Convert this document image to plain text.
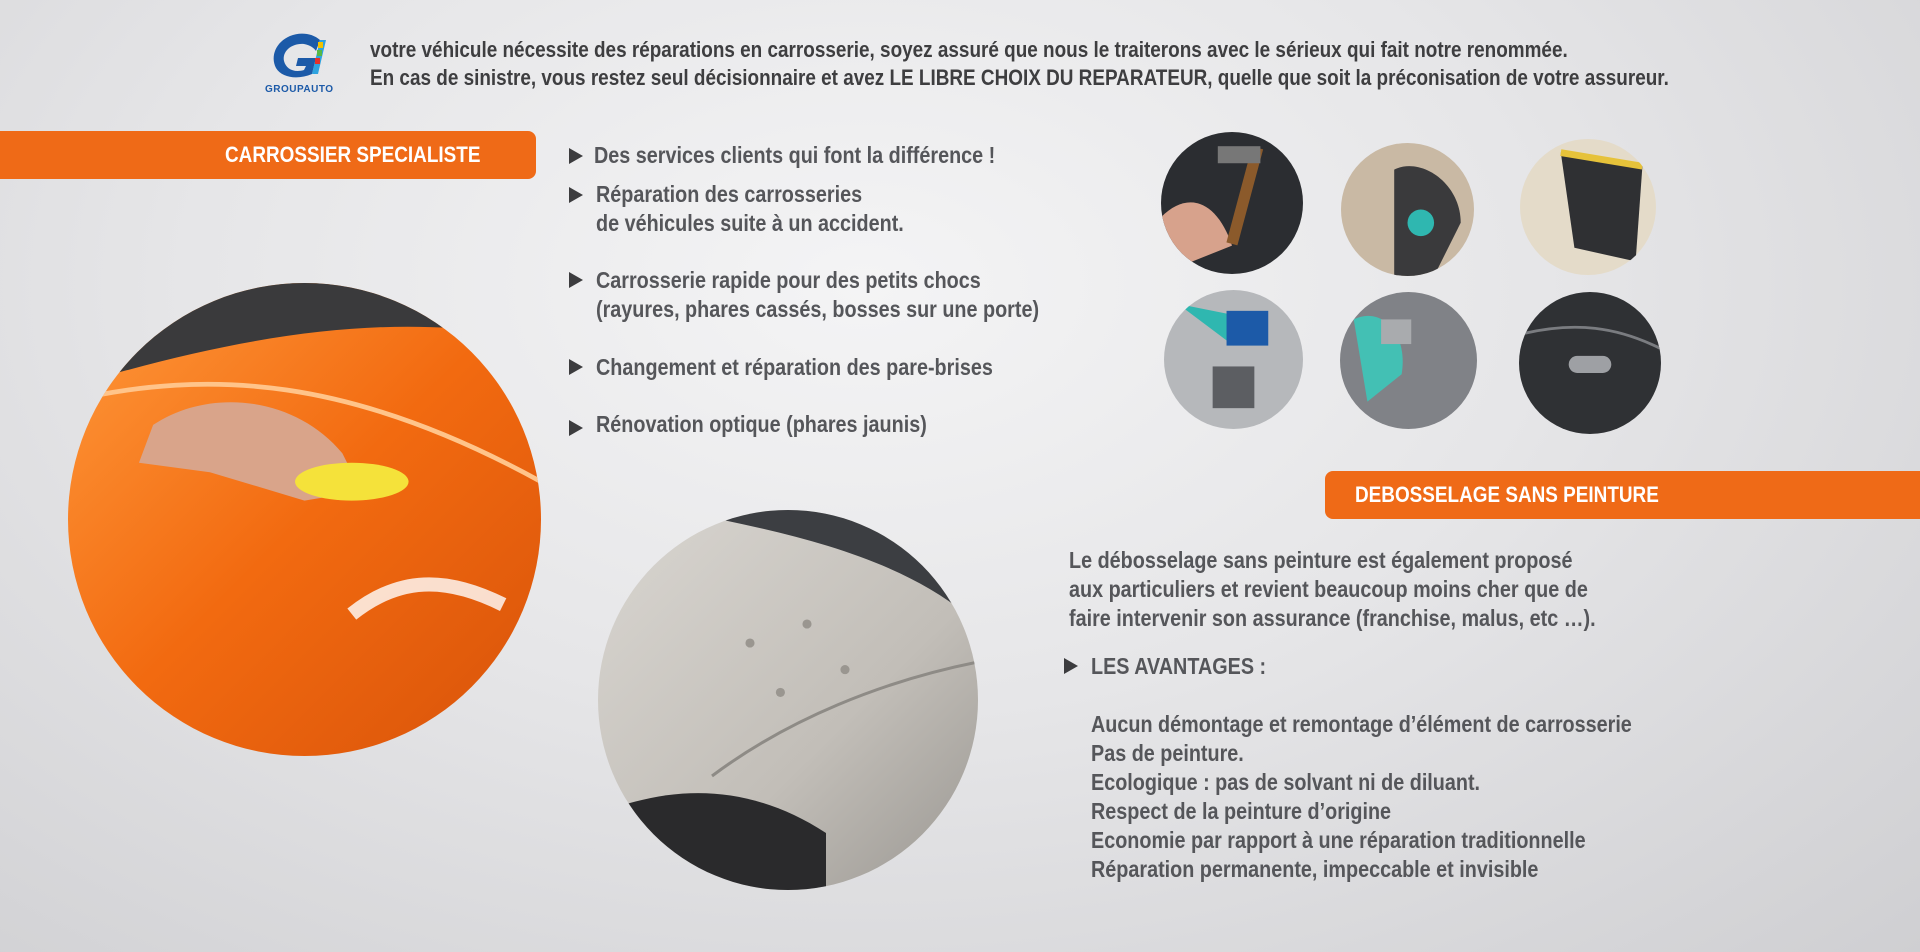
GROUPAUTO
votre véhicule nécessite des réparations en carrosserie, soyez assuré que nous le traiterons avec le sérieux qui fait notre renommée.
En cas de sinistre, vous restez seul décisionnaire et avez LE LIBRE CHOIX DU REPARATEUR, quelle que soit la préconisation de votre assureur.
CARROSSIER SPECIALISTE	Des services clients qui font la différence !
Réparation des carrosseries
de véhicules suite à un accident.
Carrosserie rapide pour des petits chocs
(rayures, phares cassés, bosses sur une porte)
Changement et réparation des pare-brises
Rénovation optique (phares jaunis)
DEBOSSELAGE SANS PEINTURE
Le débosselage sans peinture est également proposé
aux particuliers et revient beaucoup moins cher que de
faire intervenir son assurance (franchise, malus, etc …).
LES AVANTAGES :
Aucun démontage et remontage d’élément de carrosserie
Pas de peinture.
Ecologique : pas de solvant ni de diluant.
Respect de la peinture d’origine
Economie par rapport à une réparation traditionnelle
Réparation permanente, impeccable et invisible
